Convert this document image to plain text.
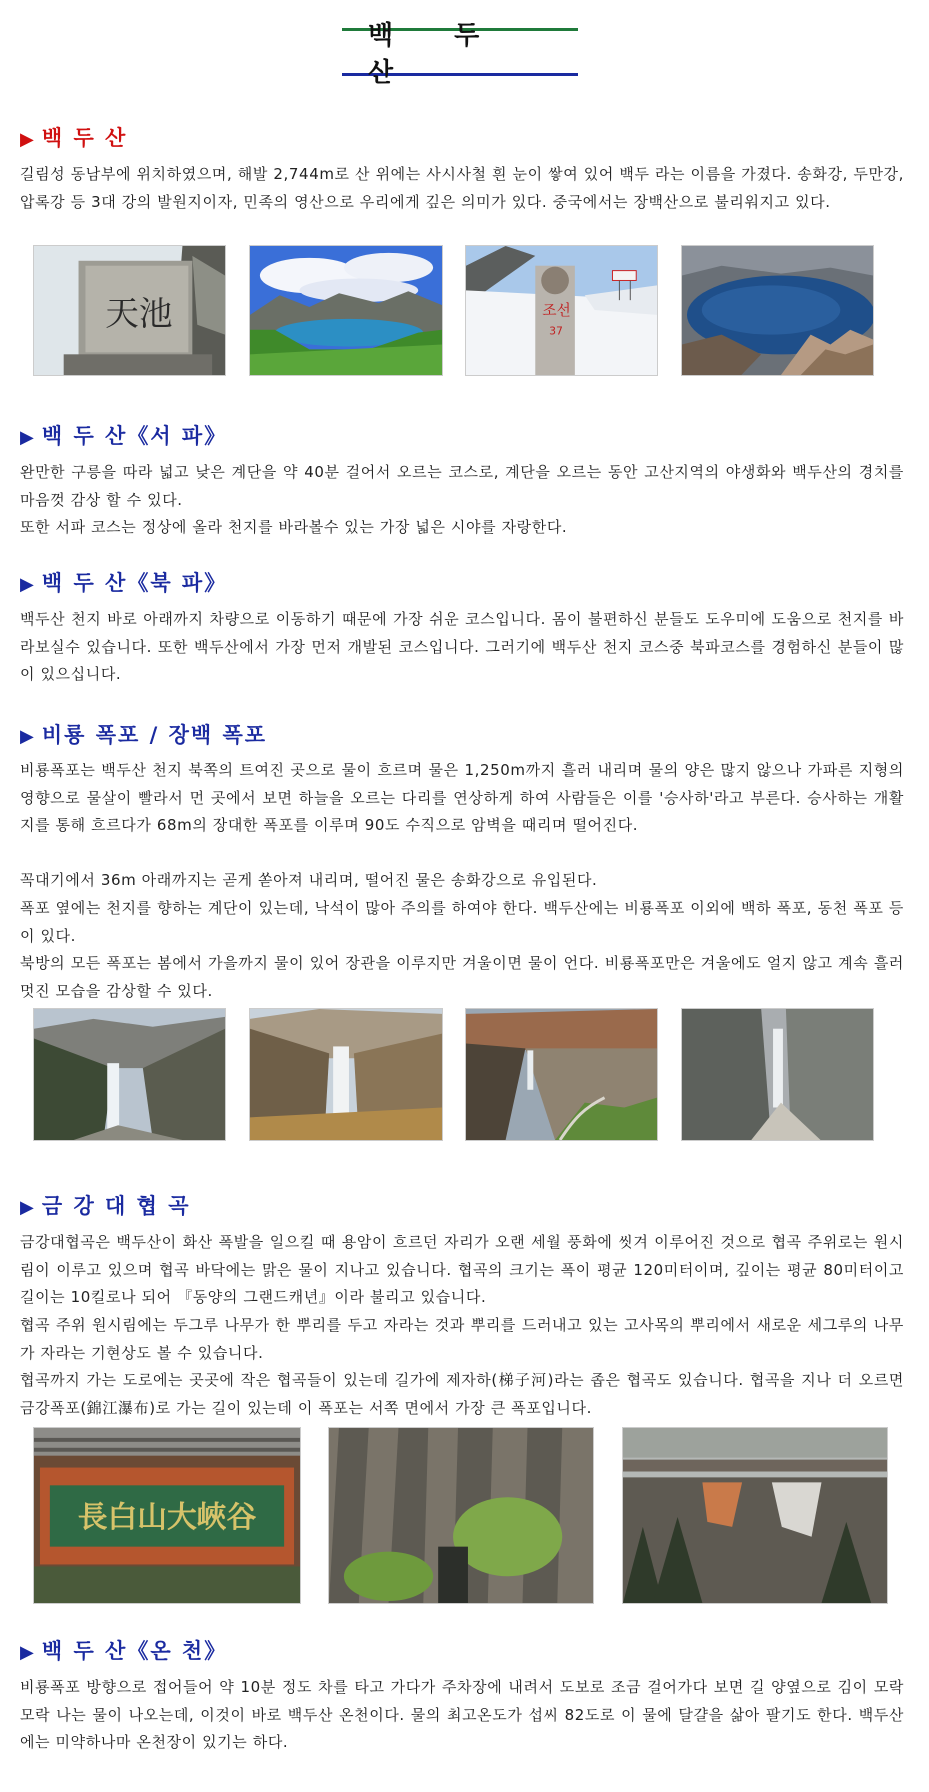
백 두 산
▶ 백 두 산
길림성 동남부에 위치하였으며, 해발 2,744m로 산 위에는 사시사철 흰 눈이 쌓여 있어 백두 라는 이름을 가졌다. 송화강, 두만강, 압록강 등 3대 강의 발원지이자, 민족의 영산으로 우리에게 깊은 의미가 있다. 중국에서는 장백산으로 불리워지고 있다.
天池	조선
37
▶ 백 두 산《서 파》
완만한 구릉을 따라 넓고 낮은 계단을 약 40분 걸어서 오르는 코스로, 계단을 오르는 동안 고산지역의 야생화와 백두산의 경치를 마음껏 감상 할 수 있다.
또한 서파 코스는 정상에 올라 천지를 바라볼수 있는 가장 넓은 시야를 자랑한다.
▶ 백 두 산《북 파》
백두산 천지 바로 아래까지 차량으로 이동하기 때문에 가장 쉬운 코스입니다. 몸이 불편하신 분들도 도우미에 도움으로 천지를 바라보실수 있습니다. 또한 백두산에서 가장 먼저 개발된 코스입니다. 그러기에 백두산 천지 코스중 북파코스를 경험하신 분들이 많이 있으십니다.
▶ 비룡 폭포 / 장백 폭포
비룡폭포는 백두산 천지 북쪽의 트여진 곳으로 물이 흐르며 물은 1,250m까지 흘러 내리며 물의 양은 많지 않으나 가파른 지형의 영향으로 물살이 빨라서 먼 곳에서 보면 하늘을 오르는 다리를 연상하게 하여 사람들은 이를 '승사하'라고 부른다. 승사하는 개활지를 통해 흐르다가 68m의 장대한 폭포를 이루며 90도 수직으로 암벽을 때리며 떨어진다.
꼭대기에서 36m 아래까지는 곧게 쏟아져 내리며, 떨어진 물은 송화강으로 유입된다.
폭포 옆에는 천지를 향하는 계단이 있는데, 낙석이 많아 주의를 하여야 한다. 백두산에는 비룡폭포 이외에 백하 폭포, 동천 폭포 등이 있다.
북방의 모든 폭포는 봄에서 가을까지 물이 있어 장관을 이루지만 겨울이면 물이 언다. 비룡폭포만은 겨울에도 얼지 않고 계속 흘러 멋진 모습을 감상할 수 있다.
▶ 금 강 대 협 곡
금강대협곡은 백두산이 화산 폭발을 일으킬 때 용암이 흐르던 자리가 오랜 세월 풍화에 씻겨 이루어진 것으로 협곡 주위로는 원시림이 이루고 있으며 협곡 바닥에는 맑은 물이 지나고 있습니다. 협곡의 크기는 폭이 평균 120미터이며, 깊이는 평균 80미터이고 길이는 10킬로나 되어 『동양의 그랜드캐년』이라 불리고 있습니다.
협곡 주위 원시림에는 두그루 나무가 한 뿌리를 두고 자라는 것과 뿌리를 드러내고 있는 고사목의 뿌리에서 새로운 세그루의 나무가 자라는 기현상도 볼 수 있습니다.
협곡까지 가는 도로에는 곳곳에 작은 협곡들이 있는데 길가에 제자하(梯子河)라는 좁은 협곡도 있습니다. 협곡을 지나 더 오르면 금강폭포(錦江瀑布)로 가는 길이 있는데 이 폭포는 서쪽 면에서 가장 큰 폭포입니다.
長白山大峽谷
▶ 백 두 산《온 천》
비룡폭포 방향으로 접어들어 약 10분 정도 차를 타고 가다가 주차장에 내려서 도보로 조금 걸어가다 보면 길 양옆으로 김이 모락모락 나는 물이 나오는데, 이것이 바로 백두산 온천이다. 물의 최고온도가 섭씨 82도로 이 물에 달걀을 삶아 팔기도 한다. 백두산에는 미약하나마 온천장이 있기는 하다.
